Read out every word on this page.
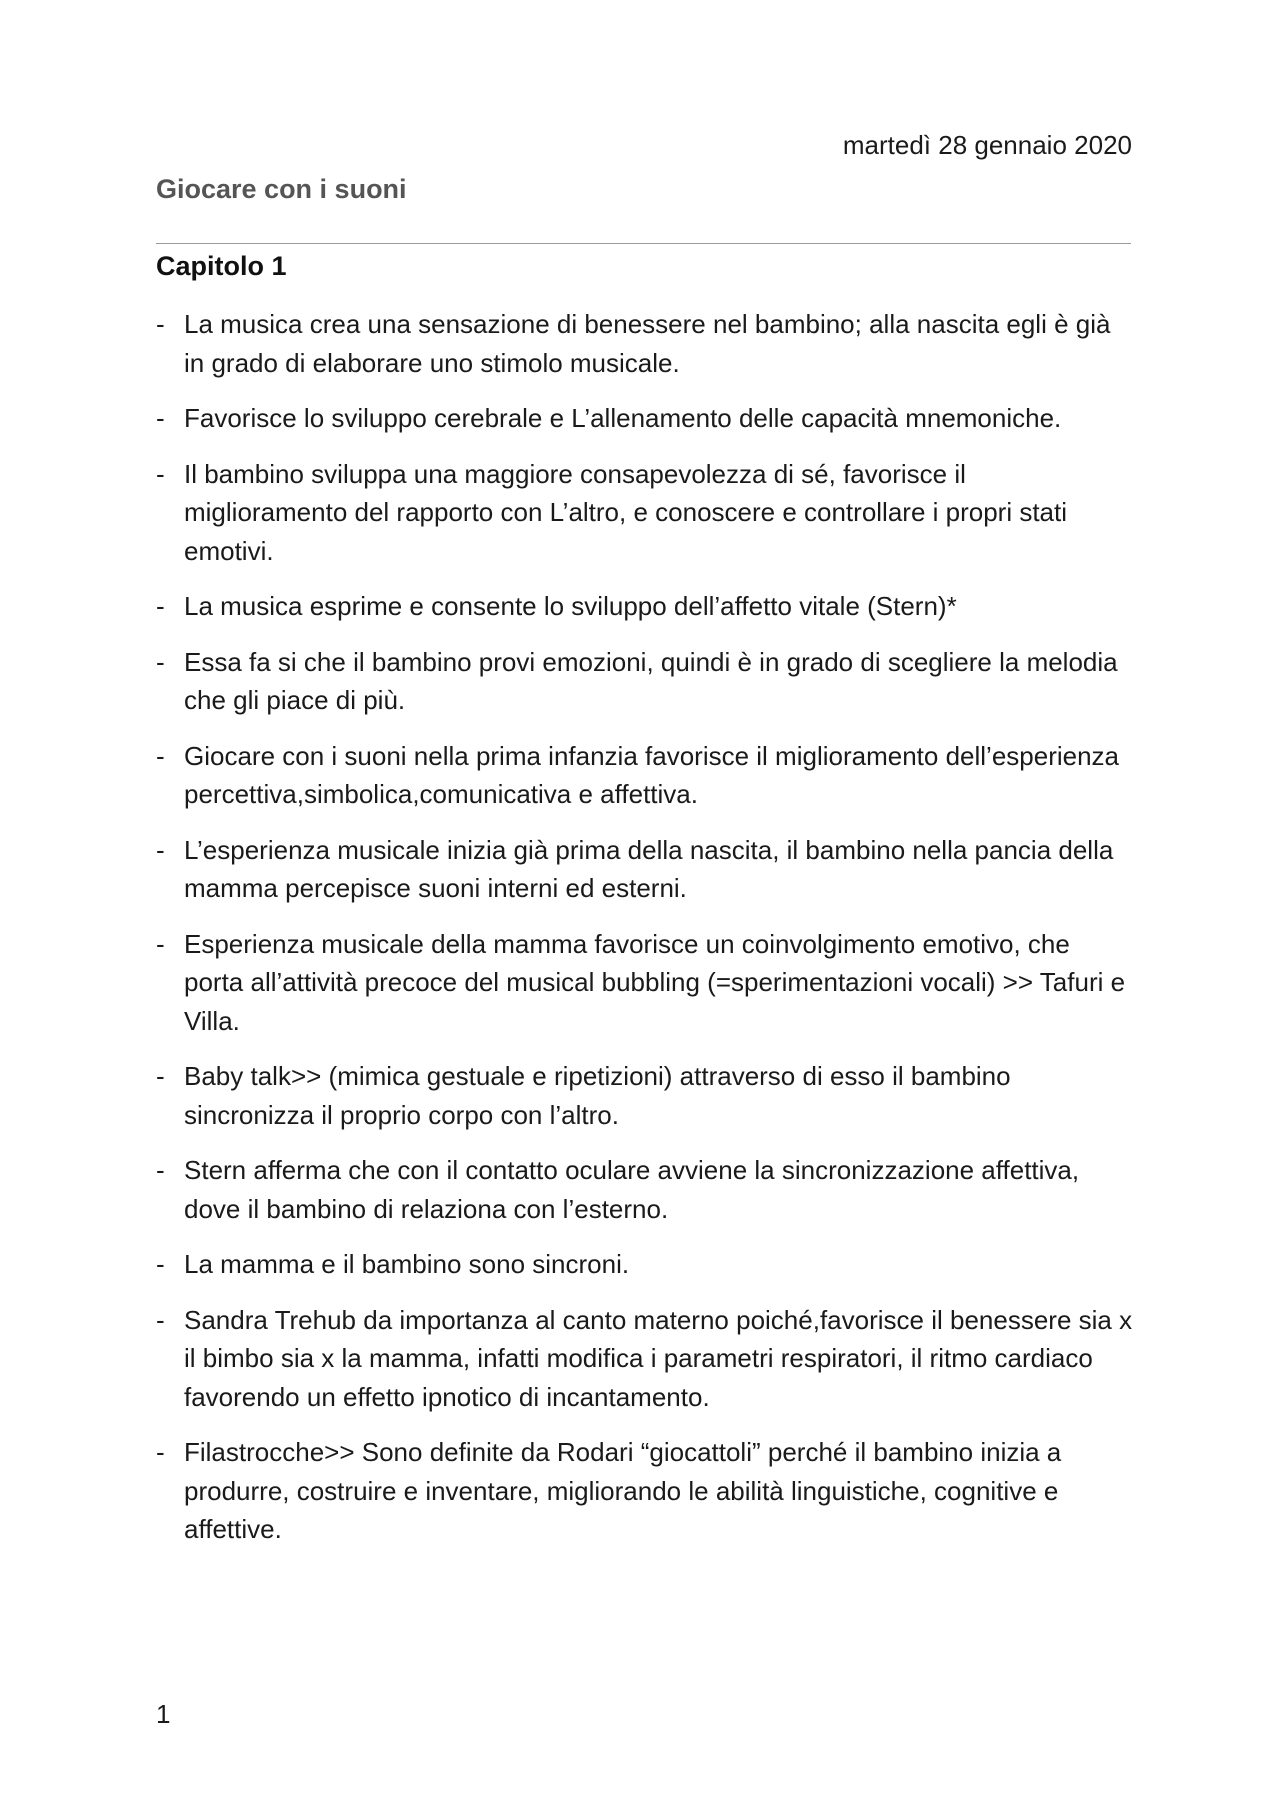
martedì 28 gennaio 2020
Giocare con i suoni
Capitolo 1
- La musica crea una sensazione di benessere nel bambino; alla nascita egli è già in grado di elaborare uno stimolo musicale.
- Favorisce lo sviluppo cerebrale e L’allenamento delle capacità mnemoniche.
- Il bambino sviluppa una maggiore consapevolezza di sé, favorisce il miglioramento del rapporto con L’altro, e conoscere e controllare i propri stati emotivi.
- La musica esprime e consente lo sviluppo dell’affetto vitale (Stern)*
- Essa fa si che il bambino provi emozioni, quindi è in grado di scegliere la melodia che gli piace di più.
- Giocare con i suoni nella prima infanzia favorisce il miglioramento dell’esperienza percettiva,simbolica,comunicativa e affettiva.
- L’esperienza musicale inizia già prima della nascita, il bambino nella pancia della mamma percepisce suoni interni ed esterni.
- Esperienza musicale della mamma favorisce un coinvolgimento emotivo, che porta all’attività precoce del musical bubbling (=sperimentazioni vocali) >> Tafuri e Villa.
- Baby talk>> (mimica gestuale e ripetizioni) attraverso di esso il bambino sincronizza il proprio corpo con l’altro.
- Stern afferma che con il contatto oculare avviene la sincronizzazione affettiva, dove il bambino di relaziona con l’esterno.
- La mamma e il bambino sono sincroni.
- Sandra Trehub da importanza al canto materno poiché,favorisce il benessere sia x il bimbo sia x la mamma, infatti modifica i parametri respiratori, il ritmo cardiaco favorendo un effetto ipnotico di incantamento.
- Filastrocche>> Sono definite da Rodari “giocattoli” perché il bambino inizia a produrre, costruire e inventare, migliorando le abilità linguistiche, cognitive e affettive.
1
